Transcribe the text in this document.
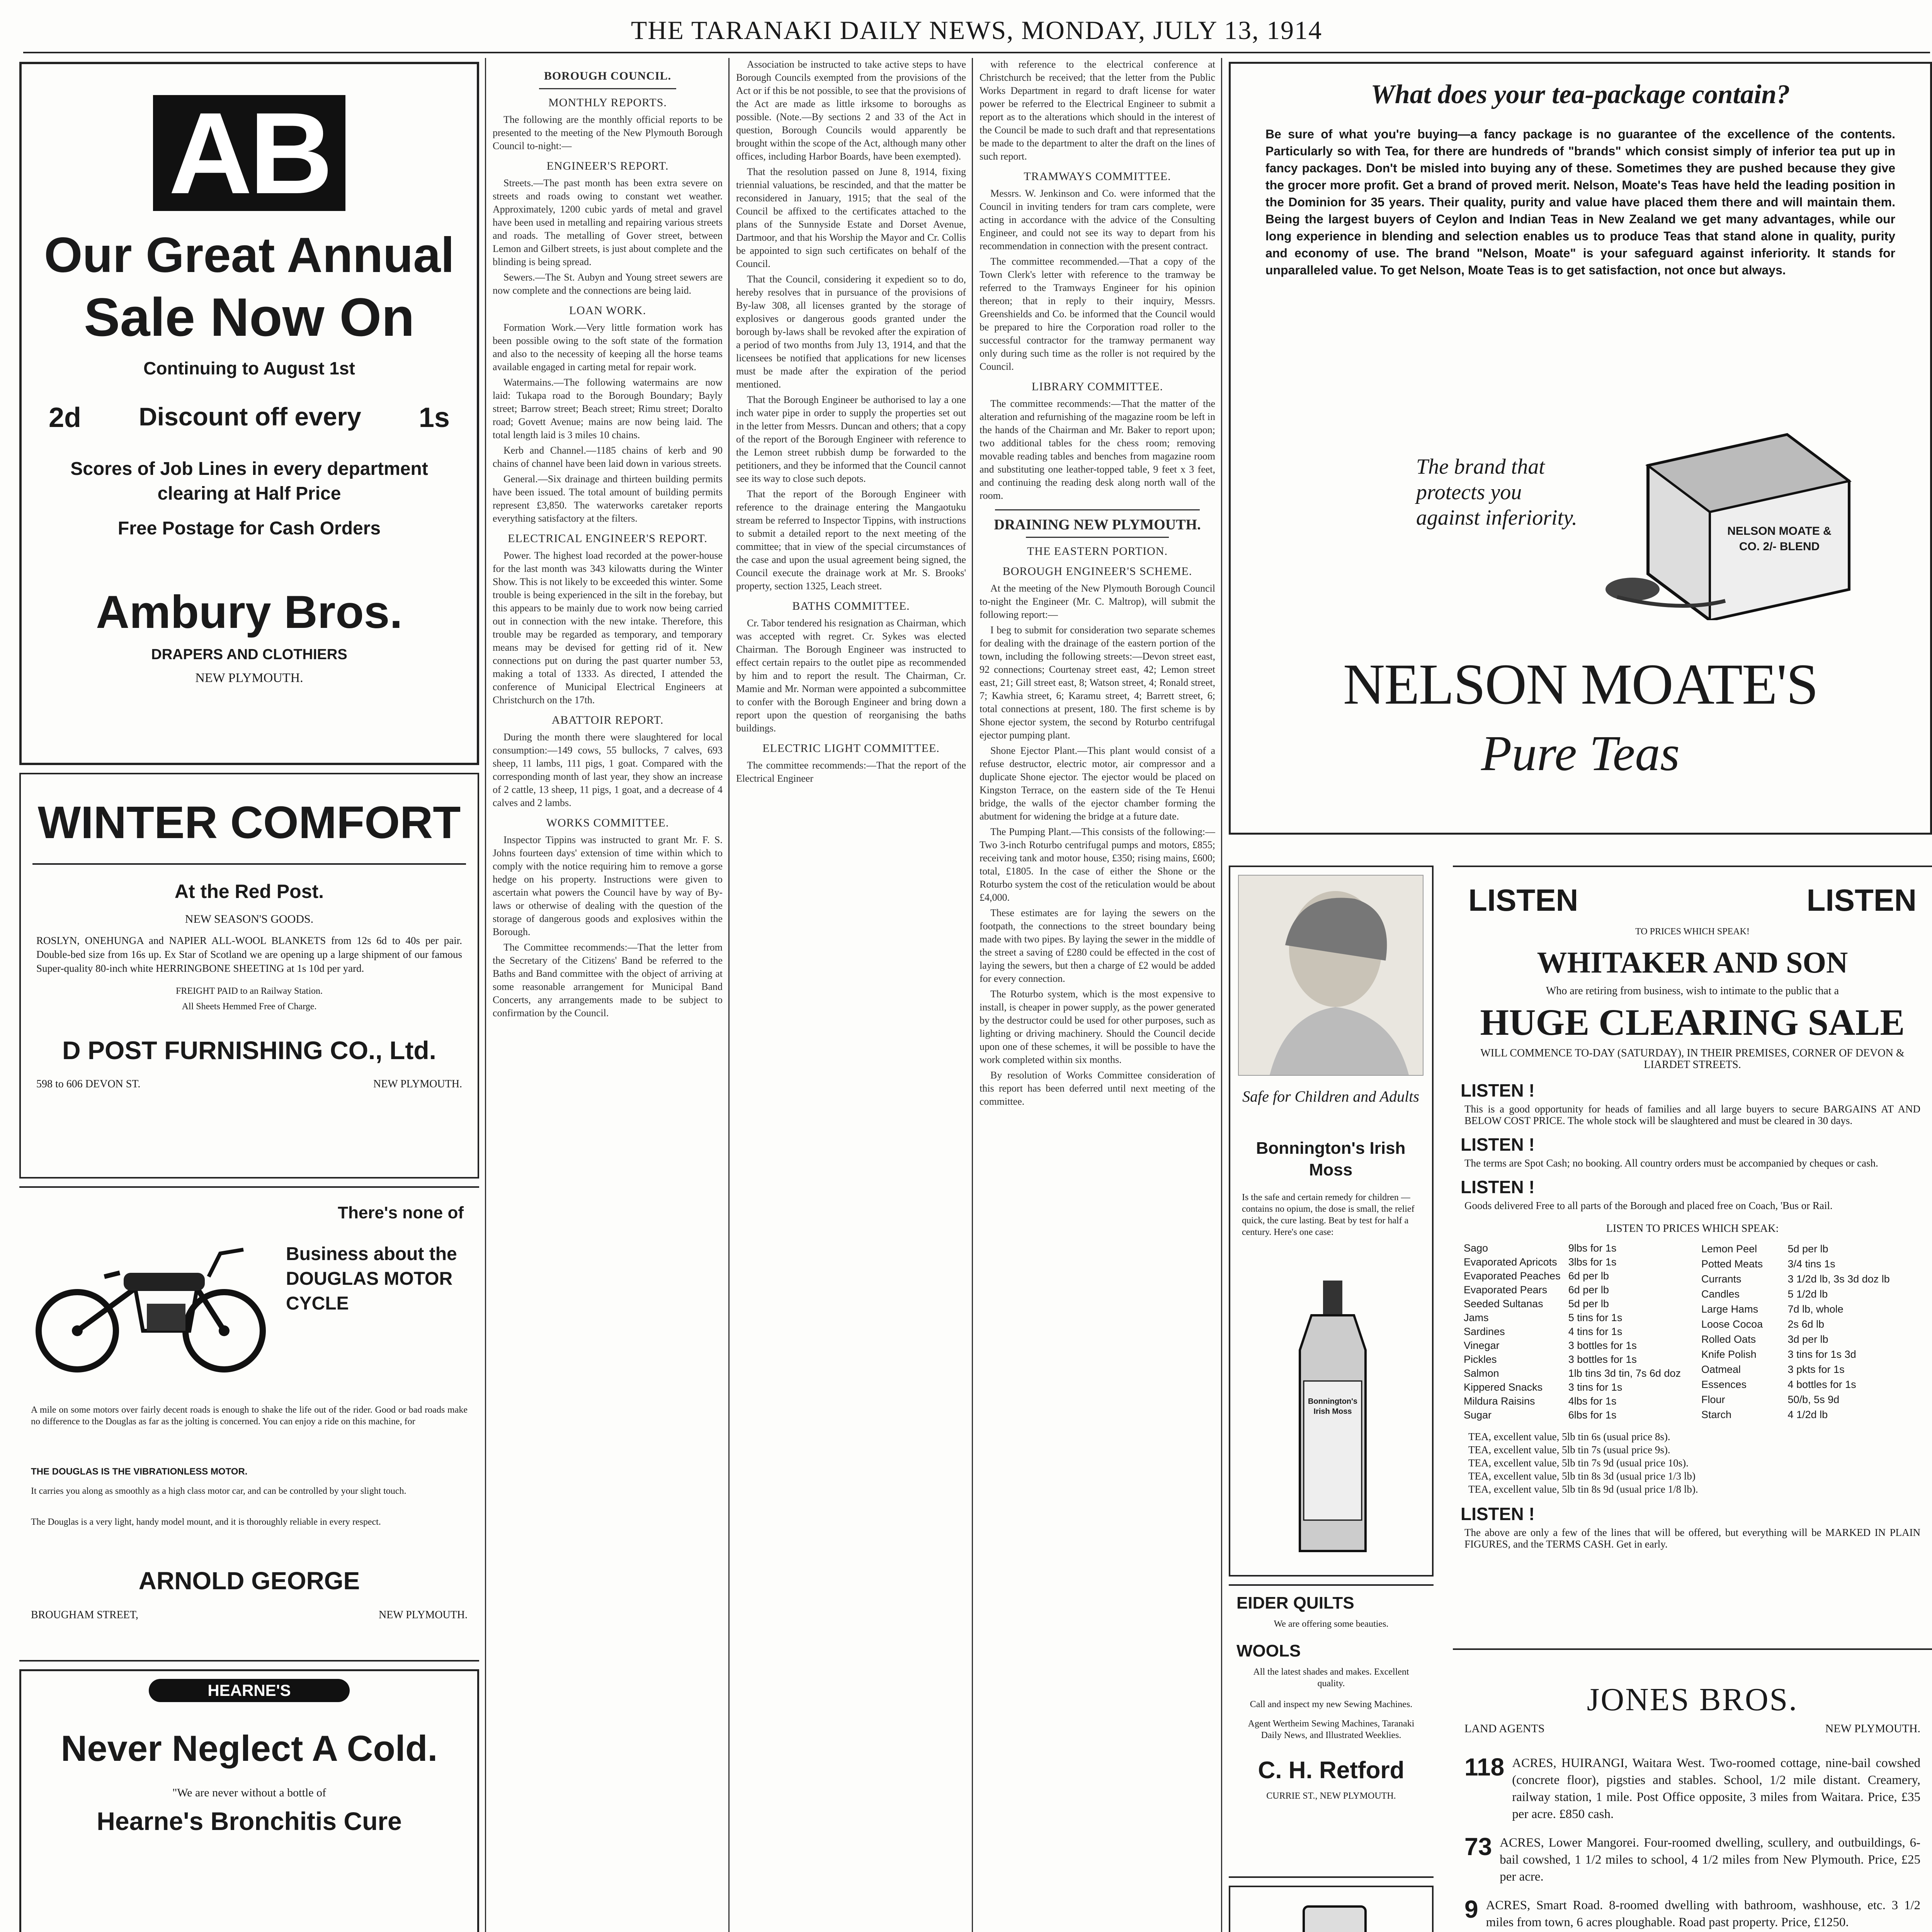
THE TARANAKI DAILY NEWS, MONDAY, JULY 13, 1914
AB
Our Great Annual
Sale Now On
Continuing to August 1st
2d Discount off every 1s
Scores of Job Lines in every department clearing at Half Price
Free Postage for Cash Orders
Ambury Bros.
DRAPERS AND CLOTHIERS
NEW PLYMOUTH.
WINTER COMFORT
At the Red Post.
NEW SEASON'S GOODS.
ROSLYN, ONEHUNGA and NAPIER ALL-WOOL BLANKETS from 12s 6d to 40s per pair. Double-bed size from 16s up. Ex Star of Scotland we are opening up a large shipment of our famous Super-quality 80-inch white HERRINGBONE SHEETING at 1s 10d per yard.
FREIGHT PAID to an Railway Station.
All Sheets Hemmed Free of Charge.
D POST FURNISHING CO., Ltd.
598 to 606 DEVON ST.	NEW PLYMOUTH.
There's none of
Business about the DOUGLAS MOTOR CYCLE
A mile on some motors over fairly decent roads is enough to shake the life out of the rider. Good or bad roads make no difference to the Douglas as far as the jolting is concerned. You can enjoy a ride on this machine, for
THE DOUGLAS IS THE VIBRATIONLESS MOTOR.
It carries you along as smoothly as a high class motor car, and can be controlled by your slight touch.
The Douglas is a very light, handy model mount, and it is thoroughly reliable in every respect.
ARNOLD GEORGE
BROUGHAM STREET,	NEW PLYMOUTH.
HEARNE'S
Never Neglect A Cold.
"We are never without a bottle of
Hearne's Bronchitis Cure
BOROUGH COUNCIL.
MONTHLY REPORTS.

The following are the monthly official reports to be presented to the meeting of the New Plymouth Borough Council to-night:—

ENGINEER'S REPORT.

Streets.—The past month has been extra severe on streets and roads owing to constant wet weather. Approximately, 1200 cubic yards of metal and gravel have been used in metalling and repairing various streets and roads. The metalling of Gover street, between Lemon and Gilbert streets, is just about complete and the blinding is being spread.

Sewers.—The St. Aubyn and Young street sewers are now complete and the connections are being laid.

LOAN WORK.

Formation Work.—Very little formation work has been possible owing to the soft state of the formation and also to the necessity of keeping all the horse teams available engaged in carting metal for repair work.

Watermains.—The following watermains are now laid: Tukapa road to the Borough Boundary; Bayly street; Barrow street; Beach street; Rimu street; Doralto road; Govett Avenue; mains are now being laid. The total length laid is 3 miles 10 chains.

Kerb and Channel.—1185 chains of kerb and 90 chains of channel have been laid down in various streets.

General.—Six drainage and thirteen building permits have been issued. The total amount of building permits represent £3,850. The waterworks caretaker reports everything satisfactory at the filters.

ELECTRICAL ENGINEER'S REPORT.

Power. The highest load recorded at the power-house for the last month was 343 kilowatts during the Winter Show. This is not likely to be exceeded this winter. Some trouble is being experienced in the silt in the forebay, but this appears to be mainly due to work now being carried out in connection with the new intake. Therefore, this trouble may be regarded as temporary, and temporary means may be devised for getting rid of it. New connections put on during the past quarter number 53, making a total of 1333. As directed, I attended the conference of Municipal Electrical Engineers at Christchurch on the 17th.

ABATTOIR REPORT.

During the month there were slaughtered for local consumption:—149 cows, 55 bullocks, 7 calves, 693 sheep, 11 lambs, 111 pigs, 1 goat. Compared with the corresponding month of last year, they show an increase of 2 cattle, 13 sheep, 11 pigs, 1 goat, and a decrease of 4 calves and 2 lambs.

WORKS COMMITTEE.

Inspector Tippins was instructed to grant Mr. F. S. Johns fourteen days' extension of time within which to comply with the notice requiring him to remove a gorse hedge on his property. Instructions were given to ascertain what powers the Council have by way of By-laws or otherwise of dealing with the question of the storage of dangerous goods and explosives within the Borough.

The Committee recommends:—That the letter from the Secretary of the Citizens' Band be referred to the Baths and Band committee with the object of arriving at some reasonable arrangement for Municipal Band Concerts, any arrangements made to be subject to confirmation by the Council.

Association be instructed to take active steps to have Borough Councils exempted from the provisions of the Act or if this be not possible, to see that the provisions of the Act are made as little irksome to boroughs as possible. (Note.—By sections 2 and 33 of the Act in question, Borough Councils would apparently be brought within the scope of the Act, although many other offices, including Harbor Boards, have been exempted).

That the resolution passed on June 8, 1914, fixing triennial valuations, be rescinded, and that the matter be reconsidered in January, 1915; that the seal of the Council be affixed to the certificates attached to the plans of the Sunnyside Estate and Dorset Avenue, Dartmoor, and that his Worship the Mayor and Cr. Collis be appointed to sign such certificates on behalf of the Council.

That the Council, considering it expedient so to do, hereby resolves that in pursuance of the provisions of By-law 308, all licenses granted by the storage of explosives or dangerous goods granted under the borough by-laws shall be revoked after the expiration of a period of two months from July 13, 1914, and that the licensees be notified that applications for new licenses must be made after the expiration of the period mentioned.

That the Borough Engineer be authorised to lay a one inch water pipe in order to supply the properties set out in the letter from Messrs. Duncan and others; that a copy of the report of the Borough Engineer with reference to the Lemon street rubbish dump be forwarded to the petitioners, and they be informed that the Council cannot see its way to close such depots.

That the report of the Borough Engineer with reference to the drainage entering the Mangaotuku stream be referred to Inspector Tippins, with instructions to submit a detailed report to the next meeting of the committee; that in view of the special circumstances of the case and upon the usual agreement being signed, the Council execute the drainage work at Mr. S. Brooks' property, section 1325, Leach street.

BATHS COMMITTEE.

Cr. Tabor tendered his resignation as Chairman, which was accepted with regret. Cr. Sykes was elected Chairman. The Borough Engineer was instructed to effect certain repairs to the outlet pipe as recommended by him and to report the result. The Chairman, Cr. Mamie and Mr. Norman were appointed a subcommittee to confer with the Borough Engineer and bring down a report upon the question of reorganising the baths buildings.

ELECTRIC LIGHT COMMITTEE.

The committee recommends:—That the report of the Electrical Engineer

with reference to the electrical conference at Christchurch be received; that the letter from the Public Works Department in regard to draft license for water power be referred to the Electrical Engineer to submit a report as to the alterations which should in the interest of the Council be made to such draft and that representations be made to the department to alter the draft on the lines of such report.

TRAMWAYS COMMITTEE.

Messrs. W. Jenkinson and Co. were informed that the Council in inviting tenders for tram cars complete, were acting in accordance with the advice of the Consulting Engineer, and could not see its way to depart from his recommendation in connection with the present contract.

The committee recommended.—That a copy of the Town Clerk's letter with reference to the tramway be referred to the Tramways Engineer for his opinion thereon; that in reply to their inquiry, Messrs. Greenshields and Co. be informed that the Council would be prepared to hire the Corporation road roller to the successful contractor for the tramway permanent way only during such time as the roller is not required by the Council.

LIBRARY COMMITTEE.

The committee recommends:—That the matter of the alteration and refurnishing of the magazine room be left in the hands of the Chairman and Mr. Baker to report upon; two additional tables for the chess room; removing movable reading tables and benches from magazine room and substituting one leather-topped table, 9 feet x 3 feet, and continuing the reading desk along north wall of the room.

DRAINING NEW PLYMOUTH.
THE EASTERN PORTION.
BOROUGH ENGINEER'S SCHEME.

At the meeting of the New Plymouth Borough Council to-night the Engineer (Mr. C. Maltrop), will submit the following report:—

I beg to submit for consideration two separate schemes for dealing with the drainage of the eastern portion of the town, including the following streets:—Devon street east, 92 connections; Courtenay street east, 42; Lemon street east, 21; Gill street east, 8; Watson street, 4; Ronald street, 7; Kawhia street, 6; Karamu street, 4; Barrett street, 6; total connections at present, 180. The first scheme is by Shone ejector system, the second by Roturbo centrifugal ejector pumping plant.

Shone Ejector Plant.—This plant would consist of a refuse destructor, electric motor, air compressor and a duplicate Shone ejector. The ejector would be placed on Kingston Terrace, on the eastern side of the Te Henui bridge, the walls of the ejector chamber forming the abutment for widening the bridge at a future date.

The Pumping Plant.—This consists of the following:—Two 3-inch Roturbo centrifugal pumps and motors, £855; receiving tank and motor house, £350; rising mains, £600; total, £1805. In the case of either the Shone or the Roturbo system the cost of the reticulation would be about £4,000.

These estimates are for laying the sewers on the footpath, the connections to the street boundary being made with two pipes. By laying the sewer in the middle of the street a saving of £280 could be effected in the cost of laying the sewers, but then a charge of £2 would be added for every connection.

The Roturbo system, which is the most expensive to install, is cheaper in power supply, as the power generated by the destructor could be used for other purposes, such as lighting or driving machinery. Should the Council decide upon one of these schemes, it will be possible to have the work completed within six months.

By resolution of Works Committee consideration of this report has been deferred until next meeting of the committee.

What does your tea-package contain?
Be sure of what you're buying—a fancy package is no guarantee of the excellence of the contents. Particularly so with Tea, for there are hundreds of "brands" which consist simply of inferior tea put up in fancy packages. Don't be misled into buying any of these. Sometimes they are pushed because they give the grocer more profit. Get a brand of proved merit. Nelson, Moate's Teas have held the leading position in the Dominion for 35 years. Their quality, purity and value have placed them there and will maintain them. Being the largest buyers of Ceylon and Indian Teas in New Zealand we get many advantages, while our long experience in blending and selection enables us to produce Teas that stand alone in quality, purity and economy of use. The brand "Nelson, Moate" is your safeguard against inferiority. It stands for unparalleled value. To get Nelson, Moate Teas is to get satisfaction, not once but always.
The brand that protects you against inferiority.
NELSON MOATE & CO. 2/- BLEND
NELSON MOATE'S
Pure Teas
Safe for Children and Adults
Bonnington's Irish Moss
Is the safe and certain remedy for children — contains no opium, the dose is small, the relief quick, the cure lasting. Beat by test for half a century. Here's one case:
Bonnington's Irish Moss
EIDER QUILTS
We are offering some beauties.
WOOLS
All the latest shades and makes. Excellent quality.
Call and inspect my new Sewing Machines.
Agent Wertheim Sewing Machines, Taranaki Daily News, and Illustrated Weeklies.
C. H. Retford
CURRIE ST., NEW PLYMOUTH.
LISTEN	LISTEN
TO PRICES WHICH SPEAK!
WHITAKER AND SON
Who are retiring from business, wish to intimate to the public that a
HUGE CLEARING SALE
WILL COMMENCE TO-DAY (SATURDAY), IN THEIR PREMISES, CORNER OF DEVON & LIARDET STREETS.
LISTEN !
This is a good opportunity for heads of families and all large buyers to secure BARGAINS AT AND BELOW COST PRICE. The whole stock will be slaughtered and must be cleared in 30 days.
LISTEN !
The terms are Spot Cash; no booking. All country orders must be accompanied by cheques or cash.
LISTEN !
Goods delivered Free to all parts of the Borough and placed free on Coach, 'Bus or Rail.
LISTEN TO PRICES WHICH SPEAK:
Sago	9lbs for 1s
Evaporated Apricots	3lbs for 1s
Evaporated Peaches	6d per lb
Evaporated Pears	6d per lb
Seeded Sultanas	5d per lb
Jams	5 tins for 1s
Sardines	4 tins for 1s
Vinegar	3 bottles for 1s
Pickles	3 bottles for 1s
Salmon	1lb tins 3d tin, 7s 6d doz
Kippered Snacks	3 tins for 1s
Mildura Raisins	4lbs for 1s
Sugar	6lbs for 1s
Lemon Peel	5d per lb
Potted Meats	3/4 tins 1s
Currants	3 1/2d lb, 3s 3d doz lb
Candles	5 1/2d lb
Large Hams	7d lb, whole
Loose Cocoa	2s 6d lb
Rolled Oats	3d per lb
Knife Polish	3 tins for 1s 3d
Oatmeal	3 pkts for 1s
Essences	4 bottles for 1s
Flour	50/b, 5s 9d
Starch	4 1/2d lb
TEA, excellent value, 5lb tin 6s (usual price 8s).
TEA, excellent value, 5lb tin 7s (usual price 9s).
TEA, excellent value, 5lb tin 7s 9d (usual price 10s).
TEA, excellent value, 5lb tin 8s 3d (usual price 1/3 lb)
TEA, excellent value, 5lb tin 8s 9d (usual price 1/8 lb).
LISTEN !
The above are only a few of the lines that will be offered, but everything will be MARKED IN PLAIN FIGURES, and the TERMS CASH. Get in early.
JONES BROS.
LAND AGENTS	NEW PLYMOUTH.
118 ACRES, HUIRANGI, Waitara West. Two-roomed cottage, nine-bail cowshed (concrete floor), pigsties and stables. School, 1/2 mile distant. Creamery, railway station, 1 mile. Post Office opposite, 3 miles from Waitara. Price, £35 per acre. £850 cash.
73 ACRES, Lower Mangorei. Four-roomed dwelling, scullery, and outbuildings, 6-bail cowshed, 1 1/2 miles to school, 4 1/2 miles from New Plymouth. Price, £25 per acre.
9 ACRES, Smart Road. 8-roomed dwelling with bathroom, washhouse, etc. 3 1/2 miles from town, 6 acres ploughable. Road past property. Price, £1250.
